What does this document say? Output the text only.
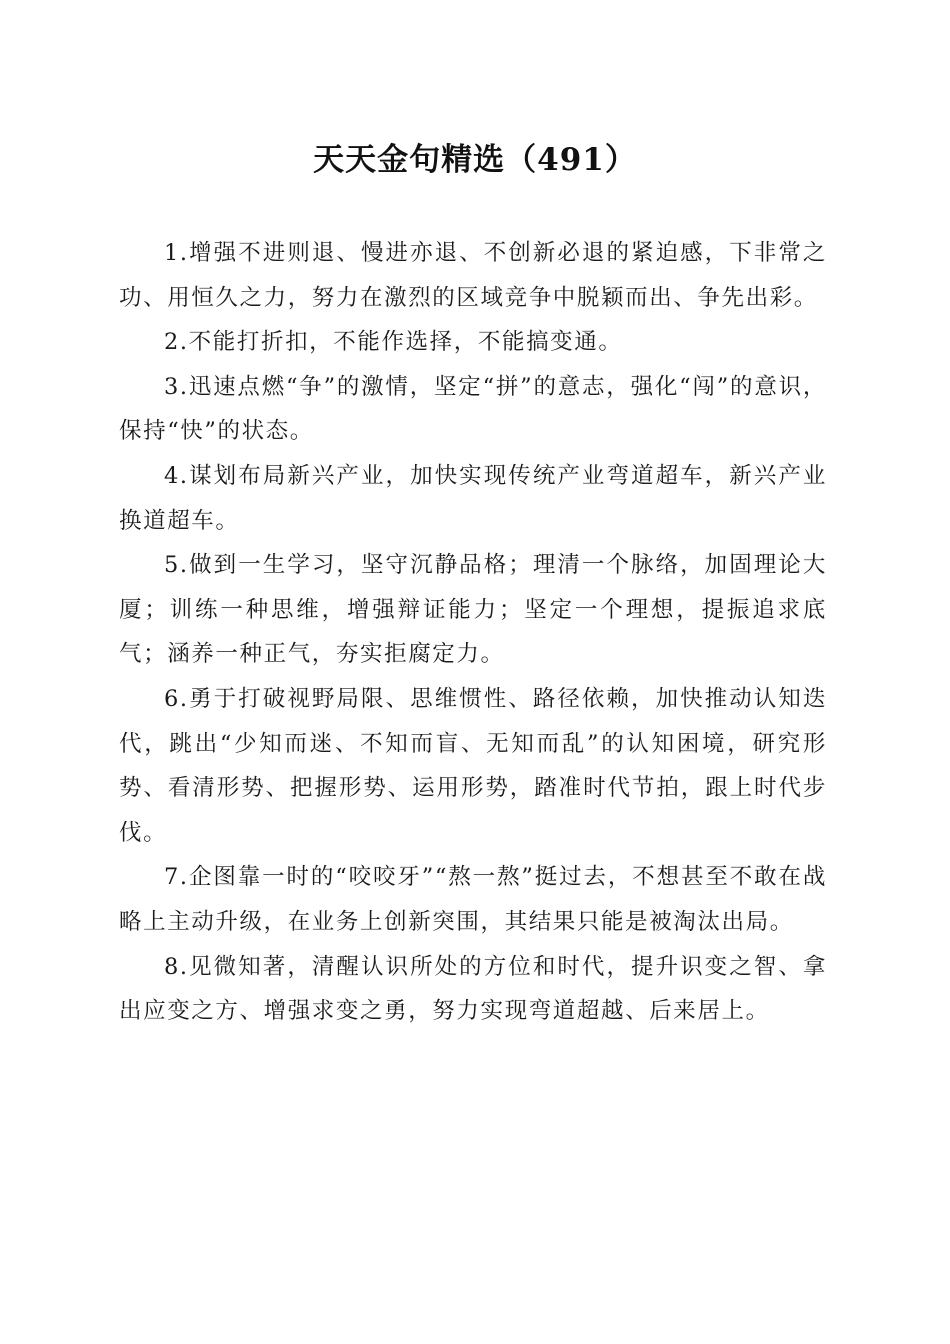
天天金句精选（491）

1.增强不进则退、慢进亦退、不创新必退的紧迫感，下非常之功、用恒久之力，努力在激烈的区域竞争中脱颖而出、争先出彩。

2.不能打折扣，不能作选择，不能搞变通。

3.迅速点燃“争”的激情，坚定“拼”的意志，强化“闯”的意识，保持“快”的状态。

4.谋划布局新兴产业，加快实现传统产业弯道超车，新兴产业换道超车。

5.做到一生学习，坚守沉静品格；理清一个脉络，加固理论大厦；训练一种思维，增强辩证能力；坚定一个理想，提振追求底气；涵养一种正气，夯实拒腐定力。

6.勇于打破视野局限、思维惯性、路径依赖，加快推动认知迭代，跳出“少知而迷、不知而盲、无知而乱”的认知困境，研究形势、看清形势、把握形势、运用形势，踏准时代节拍，跟上时代步伐。

7.企图靠一时的“咬咬牙”“熬一熬”挺过去，不想甚至不敢在战略上主动升级，在业务上创新突围，其结果只能是被淘汰出局。

8.见微知著，清醒认识所处的方位和时代，提升识变之智、拿出应变之方、增强求变之勇，努力实现弯道超越、后来居上。
